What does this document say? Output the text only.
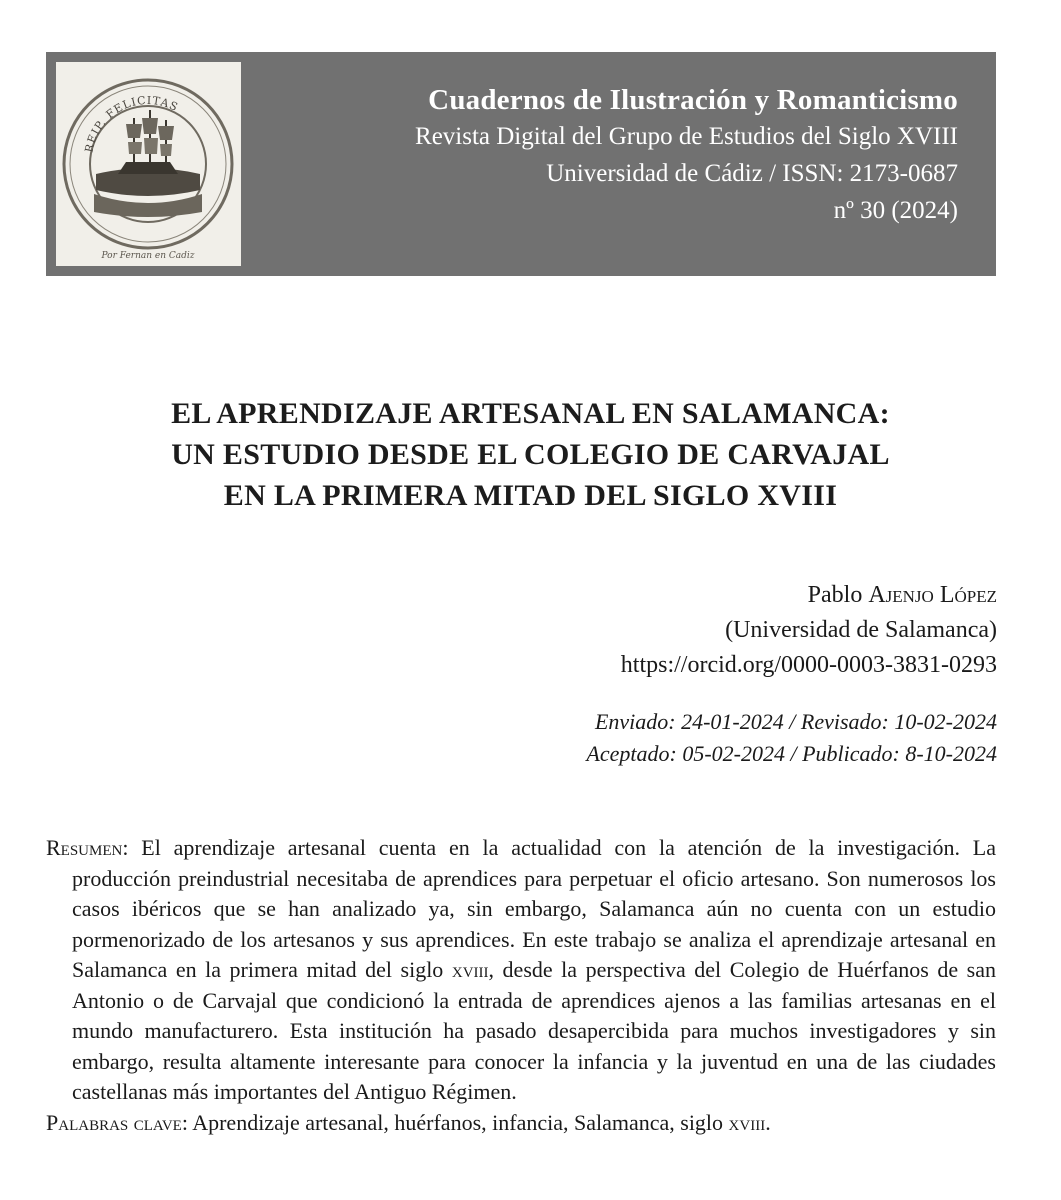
REIP. FELICITAS
Por Fernan en Cadiz
Cuadernos de Ilustración y Romanticismo
Revista Digital del Grupo de Estudios del Siglo XVIII
Universidad de Cádiz / ISSN: 2173-0687
nº 30 (2024)
EL APRENDIZAJE ARTESANAL EN SALAMANCA:
UN ESTUDIO DESDE EL COLEGIO DE CARVAJAL
EN LA PRIMERA MITAD DEL SIGLO XVIII
Pablo Ajenjo López
(Universidad de Salamanca)
https://orcid.org/0000-0003-3831-0293
Enviado: 24-01-2024 / Revisado: 10-02-2024
Aceptado: 05-02-2024 / Publicado: 8-10-2024

Resumen: El aprendizaje artesanal cuenta en la actualidad con la atención de la investigación. La producción preindustrial necesitaba de aprendices para perpetuar el oficio artesano. Son numerosos los casos ibéricos que se han analizado ya, sin embargo, Salamanca aún no cuenta con un estudio pormenorizado de los artesanos y sus aprendices. En este trabajo se analiza el aprendizaje artesanal en Salamanca en la primera mitad del siglo xviii, desde la perspectiva del Colegio de Huérfanos de san Antonio o de Carvajal que condicionó la entrada de aprendices ajenos a las familias artesanas en el mundo manufacturero. Esta institución ha pasado desapercibida para muchos investigadores y sin embargo, resulta altamente interesante para conocer la infancia y la juventud en una de las ciudades castellanas más importantes del Antiguo Régimen.

Palabras clave: Aprendizaje artesanal, huérfanos, infancia, Salamanca, siglo xviii.
